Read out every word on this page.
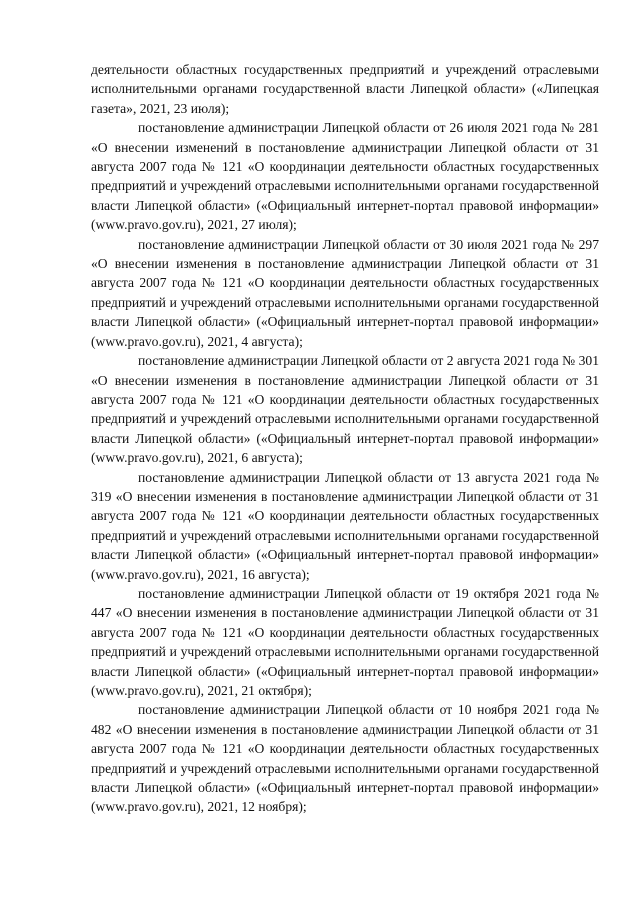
деятельности областных государственных предприятий и учреждений отраслевыми исполнительными органами государственной власти Липецкой области» («Липецкая газета», 2021, 23 июля);

постановление администрации Липецкой области от 26 июля 2021 года № 281 «О внесении изменений в постановление администрации Липецкой области от 31 августа 2007 года № 121 «О координации деятельности областных государственных предприятий и учреждений отраслевыми исполнительными органами государственной власти Липецкой области» («Официальный интернет-портал правовой информации» (www.pravo.gov.ru), 2021, 27 июля);

постановление администрации Липецкой области от 30 июля 2021 года № 297 «О внесении изменения в постановление администрации Липецкой области от 31 августа 2007 года № 121 «О координации деятельности областных государственных предприятий и учреждений отраслевыми исполнительными органами государственной власти Липецкой области» («Официальный интернет-портал правовой информации» (www.pravo.gov.ru), 2021, 4 августа);

постановление администрации Липецкой области от 2 августа 2021 года № 301 «О внесении изменения в постановление администрации Липецкой области от 31 августа 2007 года № 121 «О координации деятельности областных государственных предприятий и учреждений отраслевыми исполнительными органами государственной власти Липецкой области» («Официальный интернет-портал правовой информации» (www.pravo.gov.ru), 2021, 6 августа);

постановление администрации Липецкой области от 13 августа 2021 года № 319 «О внесении изменения в постановление администрации Липецкой области от 31 августа 2007 года № 121 «О координации деятельности областных государственных предприятий и учреждений отраслевыми исполнительными органами государственной власти Липецкой области» («Официальный интернет-портал правовой информации» (www.pravo.gov.ru), 2021, 16 августа);

постановление администрации Липецкой области от 19 октября 2021 года № 447 «О внесении изменения в постановление администрации Липецкой области от 31 августа 2007 года № 121 «О координации деятельности областных государственных предприятий и учреждений отраслевыми исполнительными органами государственной власти Липецкой области» («Официальный интернет-портал правовой информации» (www.pravo.gov.ru), 2021, 21 октября);

постановление администрации Липецкой области от 10 ноября 2021 года № 482 «О внесении изменения в постановление администрации Липецкой области от 31 августа 2007 года № 121 «О координации деятельности областных государственных предприятий и учреждений отраслевыми исполнительными органами государственной власти Липецкой области» («Официальный интернет-портал правовой информации» (www.pravo.gov.ru), 2021, 12 ноября);
